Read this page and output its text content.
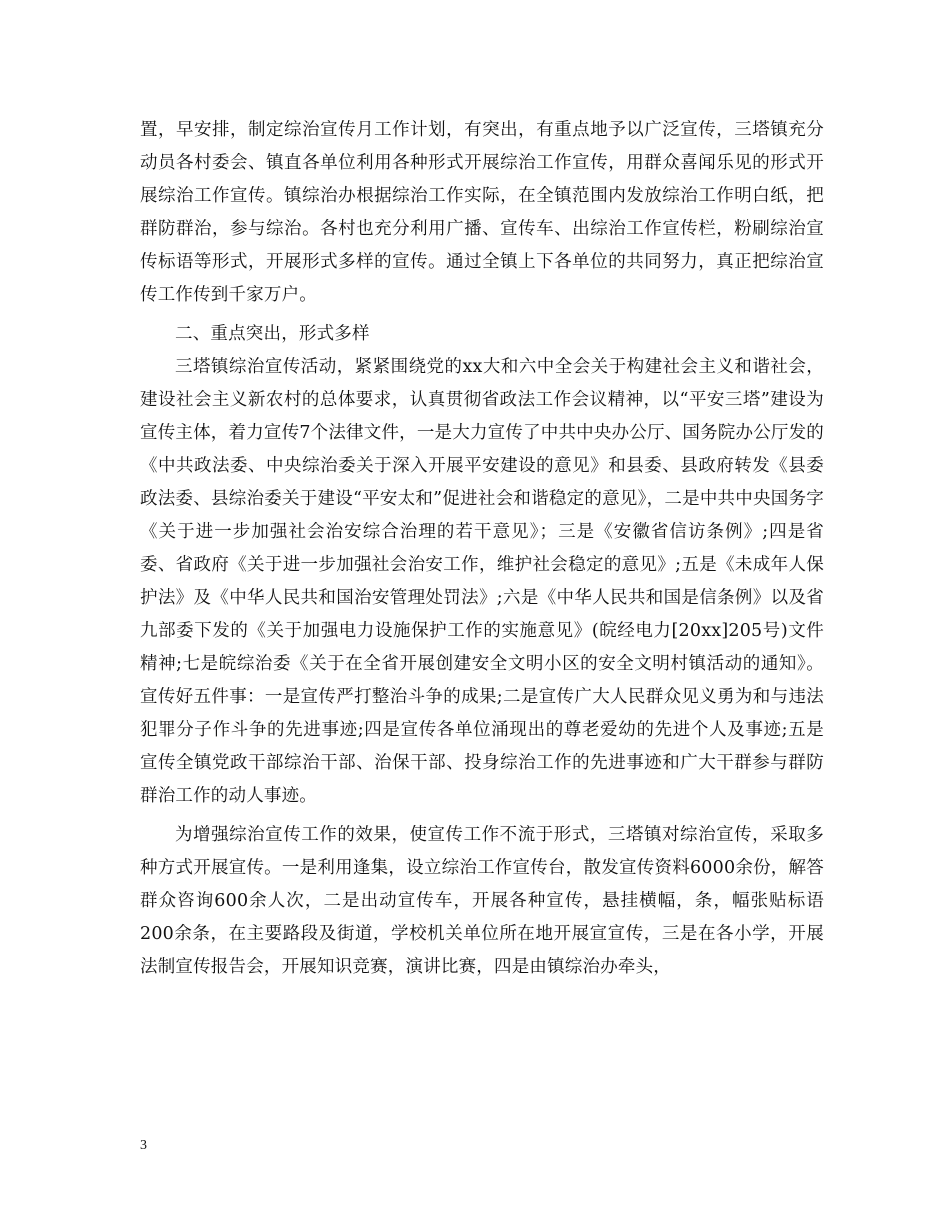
置，早安排，制定综治宣传月工作计划，有突出，有重点地予以广泛宣传，三塔镇充分动员各村委会、镇直各单位利用各种形式开展综治工作宣传，用群众喜闻乐见的形式开展综治工作宣传。镇综治办根据综治工作实际，在全镇范围内发放综治工作明白纸，把群防群治，参与综治。各村也充分利用广播、宣传车、出综治工作宣传栏，粉刷综治宣传标语等形式，开展形式多样的宣传。通过全镇上下各单位的共同努力，真正把综治宣传工作传到千家万户。

二、重点突出，形式多样

三塔镇综治宣传活动，紧紧围绕党的xx大和六中全会关于构建社会主义和谐社会，建设社会主义新农村的总体要求，认真贯彻省政法工作会议精神，以“平安三塔”建设为宣传主体，着力宣传7个法律文件，一是大力宣传了中共中央办公厅、国务院办公厅发的《中共政法委、中央综治委关于深入开展平安建设的意见》和县委、县政府转发《县委政法委、县综治委关于建设“平安太和”促进社会和谐稳定的意见》，二是中共中央国务字《关于进一步加强社会治安综合治理的若干意见》；三是《安徽省信访条例》;四是省委、省政府《关于进一步加强社会治安工作，维护社会稳定的意见》;五是《未成年人保护法》及《中华人民共和国治安管理处罚法》;六是《中华人民共和国是信条例》以及省九部委下发的《关于加强电力设施保护工作的实施意见》(皖经电力[20xx]205号)文件精神;七是皖综治委《关于在全省开展创建安全文明小区的安全文明村镇活动的通知》。宣传好五件事：一是宣传严打整治斗争的成果;二是宣传广大人民群众见义勇为和与违法犯罪分子作斗争的先进事迹;四是宣传各单位涌现出的尊老爱幼的先进个人及事迹;五是宣传全镇党政干部综治干部、治保干部、投身综治工作的先进事迹和广大干群参与群防群治工作的动人事迹。

为增强综治宣传工作的效果，使宣传工作不流于形式，三塔镇对综治宣传，采取多种方式开展宣传。一是利用逢集，设立综治工作宣传台，散发宣传资料6000余份，解答群众咨询600余人次，二是出动宣传车，开展各种宣传，悬挂横幅，条，幅张贴标语200余条，在主要路段及街道，学校机关单位所在地开展宣宣传，三是在各小学，开展法制宣传报告会，开展知识竞赛，演讲比赛，四是由镇综治办牵头，

3
